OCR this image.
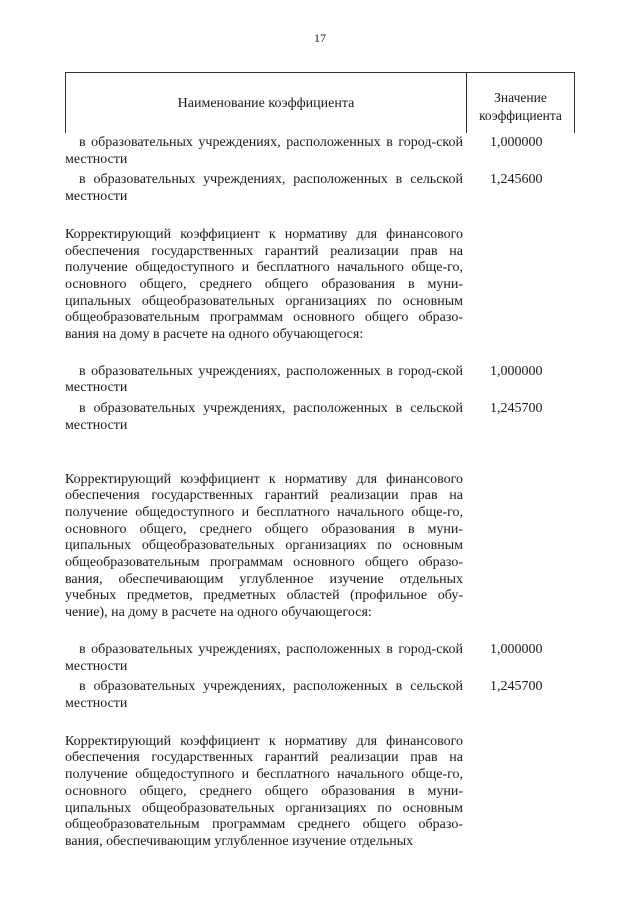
17
Наименование коэффициента	Значение
коэффициента
в образовательных учреждениях, расположенных в город-ской местности
1,000000
в образовательных учреждениях, расположенных в сельской местности
1,245600
Корректирующий коэффициент к нормативу для финансового обеспечения государственных гарантий реализации прав на получение общедоступного и бесплатного начального обще-го, основного общего, среднего общего образования в муни-ципальных общеобразовательных организациях по основным общеобразовательным программам основного общего образо-вания на дому в расчете на одного обучающегося:
в образовательных учреждениях, расположенных в город-ской местности
1,000000
в образовательных учреждениях, расположенных в сельской местности
1,245700
Корректирующий коэффициент к нормативу для финансового обеспечения государственных гарантий реализации прав на получение общедоступного и бесплатного начального обще-го, основного общего, среднего общего образования в муни-ципальных общеобразовательных организациях по основным общеобразовательным программам основного общего образо-вания, обеспечивающим углубленное изучение отдельных учебных предметов, предметных областей (профильное обу-чение), на дому в расчете на одного обучающегося:
в образовательных учреждениях, расположенных в город-ской местности
1,000000
в образовательных учреждениях, расположенных в сельской местности
1,245700
Корректирующий коэффициент к нормативу для финансового обеспечения государственных гарантий реализации прав на получение общедоступного и бесплатного начального обще-го, основного общего, среднего общего образования в муни-ципальных общеобразовательных организациях по основным общеобразовательным программам среднего общего образо-вания, обеспечивающим углубленное изучение отдельных
